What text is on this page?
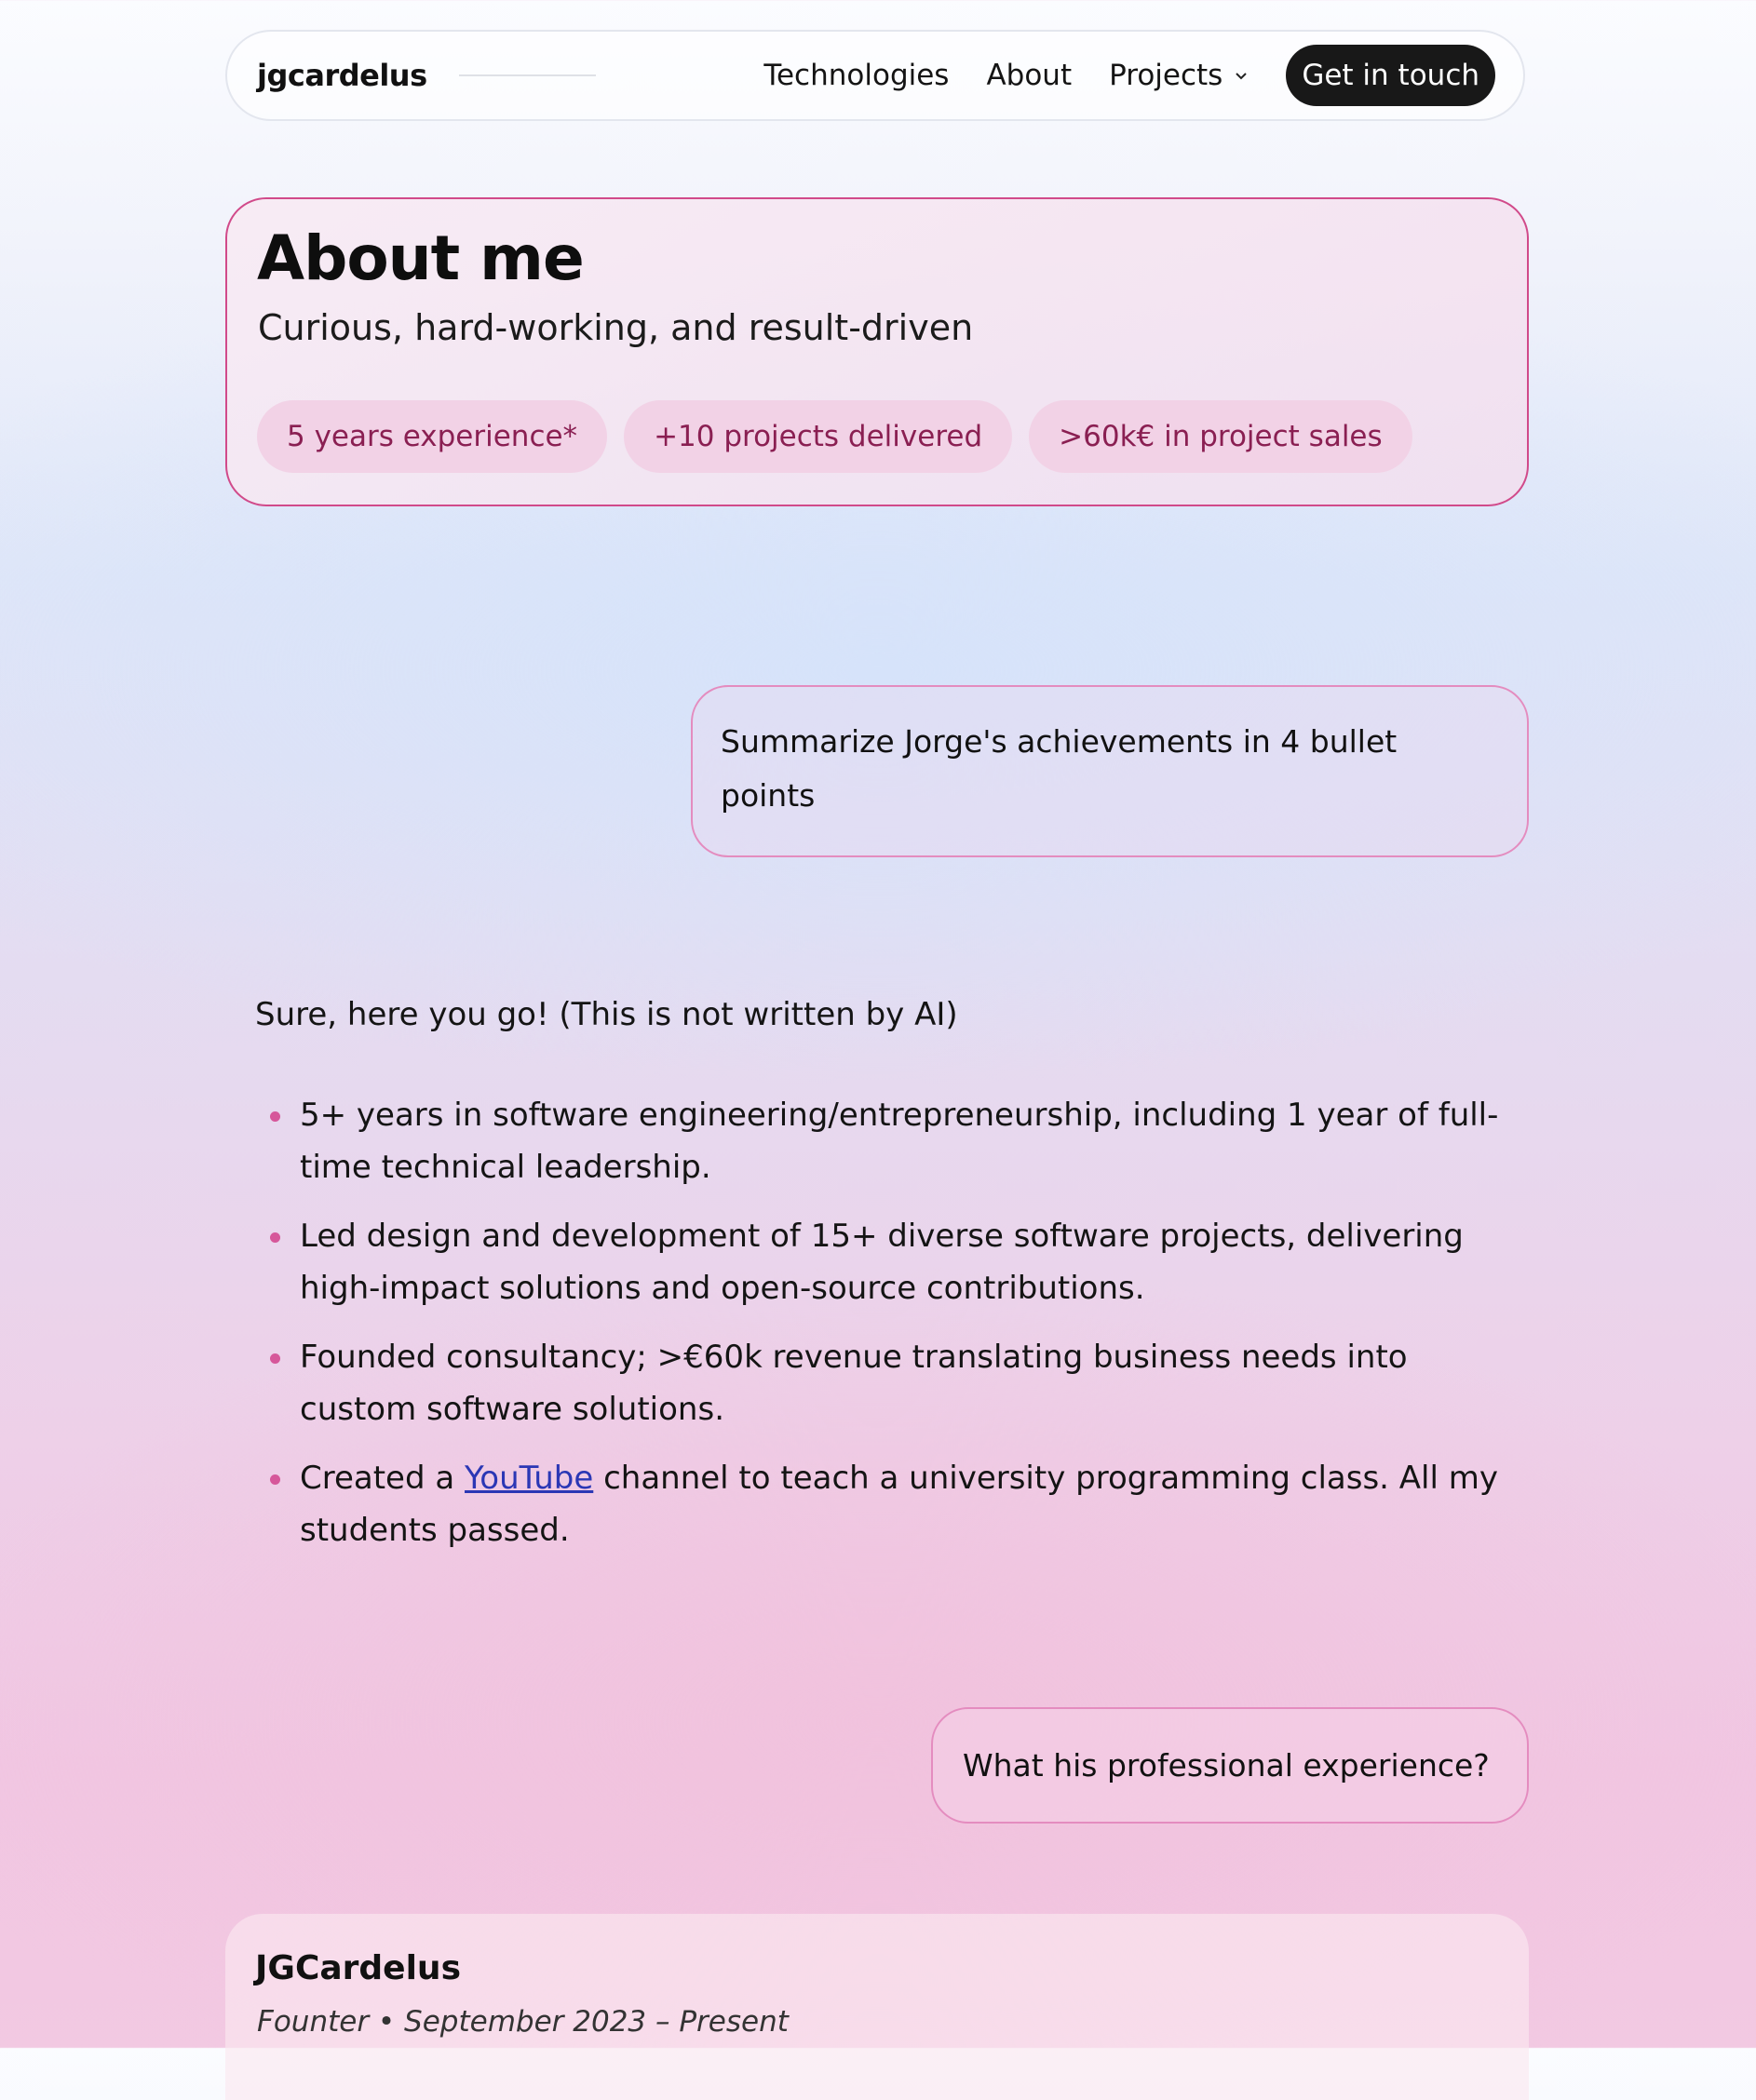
jgcardelus	Technologies About Projects	Get in touch
About me
Curious, hard-working, and result-driven
5 years experience*	+10 projects delivered	>60k€ in project sales
Summarize Jorge's achievements in 4 bullet points
Sure, here you go! (This is not written by AI)
5+ years in software engineering/entrepreneurship, including 1 year of full-time technical leadership.
Led design and development of 15+ diverse software projects, delivering high-impact solutions and open-source contributions.
Founded consultancy; >€60k revenue translating business needs into custom software solutions.
Created a YouTube channel to teach a university programming class. All my students passed.
What his professional experience?
JGCardelus
Founter • September 2023 – Present
